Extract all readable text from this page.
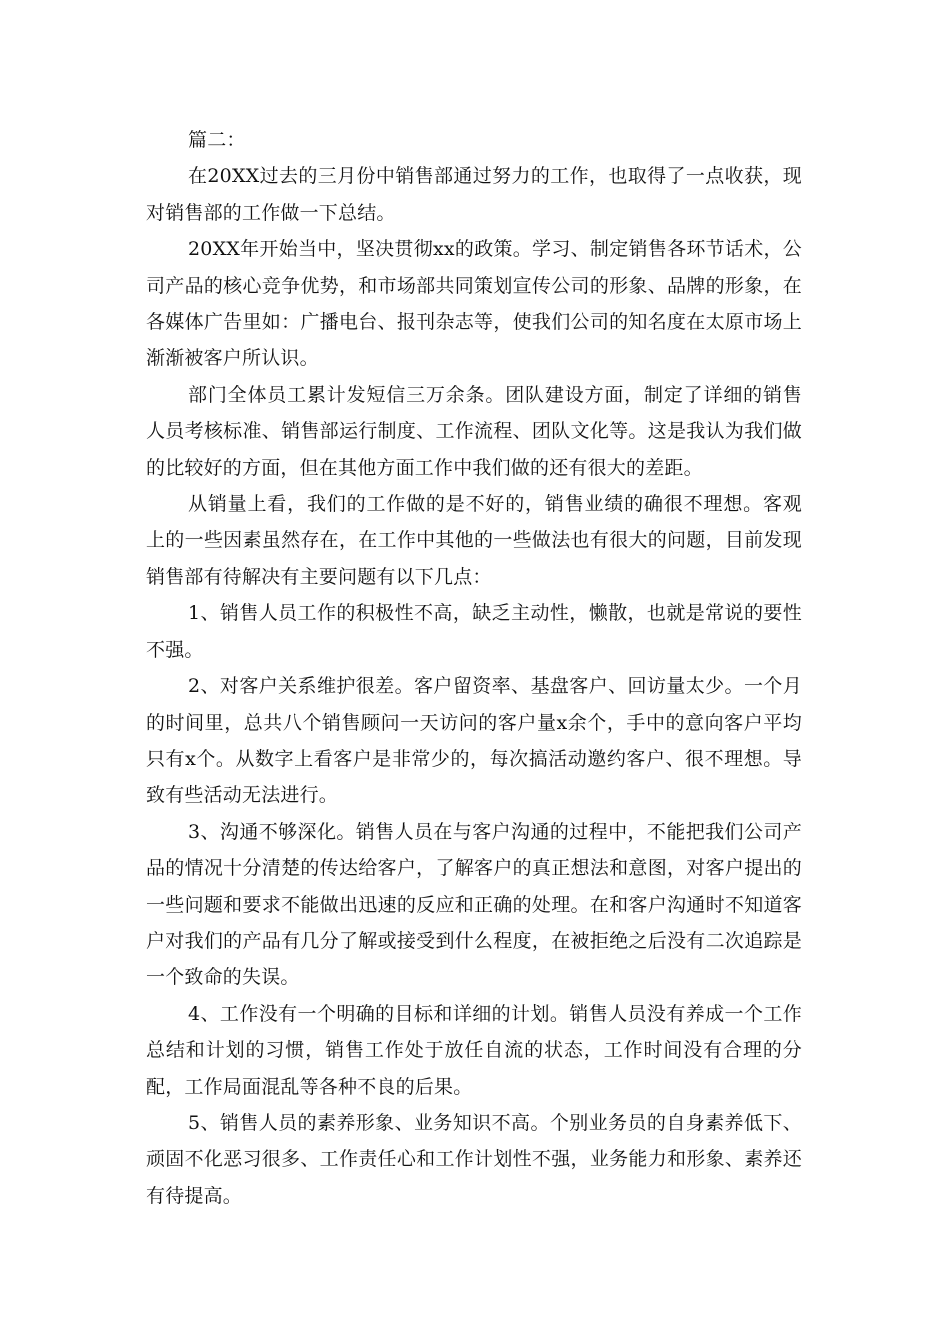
篇二：

在20XX过去的三月份中销售部通过努力的工作，也取得了一点收获，现对销售部的工作做一下总结。

20XX年开始当中，坚决贯彻xx的政策。学习、制定销售各环节话术，公司产品的核心竞争优势，和市场部共同策划宣传公司的形象、品牌的形象，在各媒体广告里如：广播电台、报刊杂志等，使我们公司的知名度在太原市场上渐渐被客户所认识。

部门全体员工累计发短信三万余条。团队建设方面，制定了详细的销售人员考核标准、销售部运行制度、工作流程、团队文化等。这是我认为我们做的比较好的方面，但在其他方面工作中我们做的还有很大的差距。

从销量上看，我们的工作做的是不好的，销售业绩的确很不理想。客观上的一些因素虽然存在，在工作中其他的一些做法也有很大的问题，目前发现销售部有待解决有主要问题有以下几点：

1、销售人员工作的积极性不高，缺乏主动性，懒散，也就是常说的要性不强。

2、对客户关系维护很差。客户留资率、基盘客户、回访量太少。一个月的时间里，总共八个销售顾问一天访问的客户量x余个，手中的意向客户平均只有x个。从数字上看客户是非常少的，每次搞活动邀约客户、很不理想。导致有些活动无法进行。

3、沟通不够深化。销售人员在与客户沟通的过程中，不能把我们公司产品的情况十分清楚的传达给客户，了解客户的真正想法和意图，对客户提出的一些问题和要求不能做出迅速的反应和正确的处理。在和客户沟通时不知道客户对我们的产品有几分了解或接受到什么程度，在被拒绝之后没有二次追踪是一个致命的失误。

4、工作没有一个明确的目标和详细的计划。销售人员没有养成一个工作总结和计划的习惯，销售工作处于放任自流的状态，工作时间没有合理的分配，工作局面混乱等各种不良的后果。

5、销售人员的素养形象、业务知识不高。个别业务员的自身素养低下、顽固不化恶习很多、工作责任心和工作计划性不强，业务能力和形象、素养还有待提高。
